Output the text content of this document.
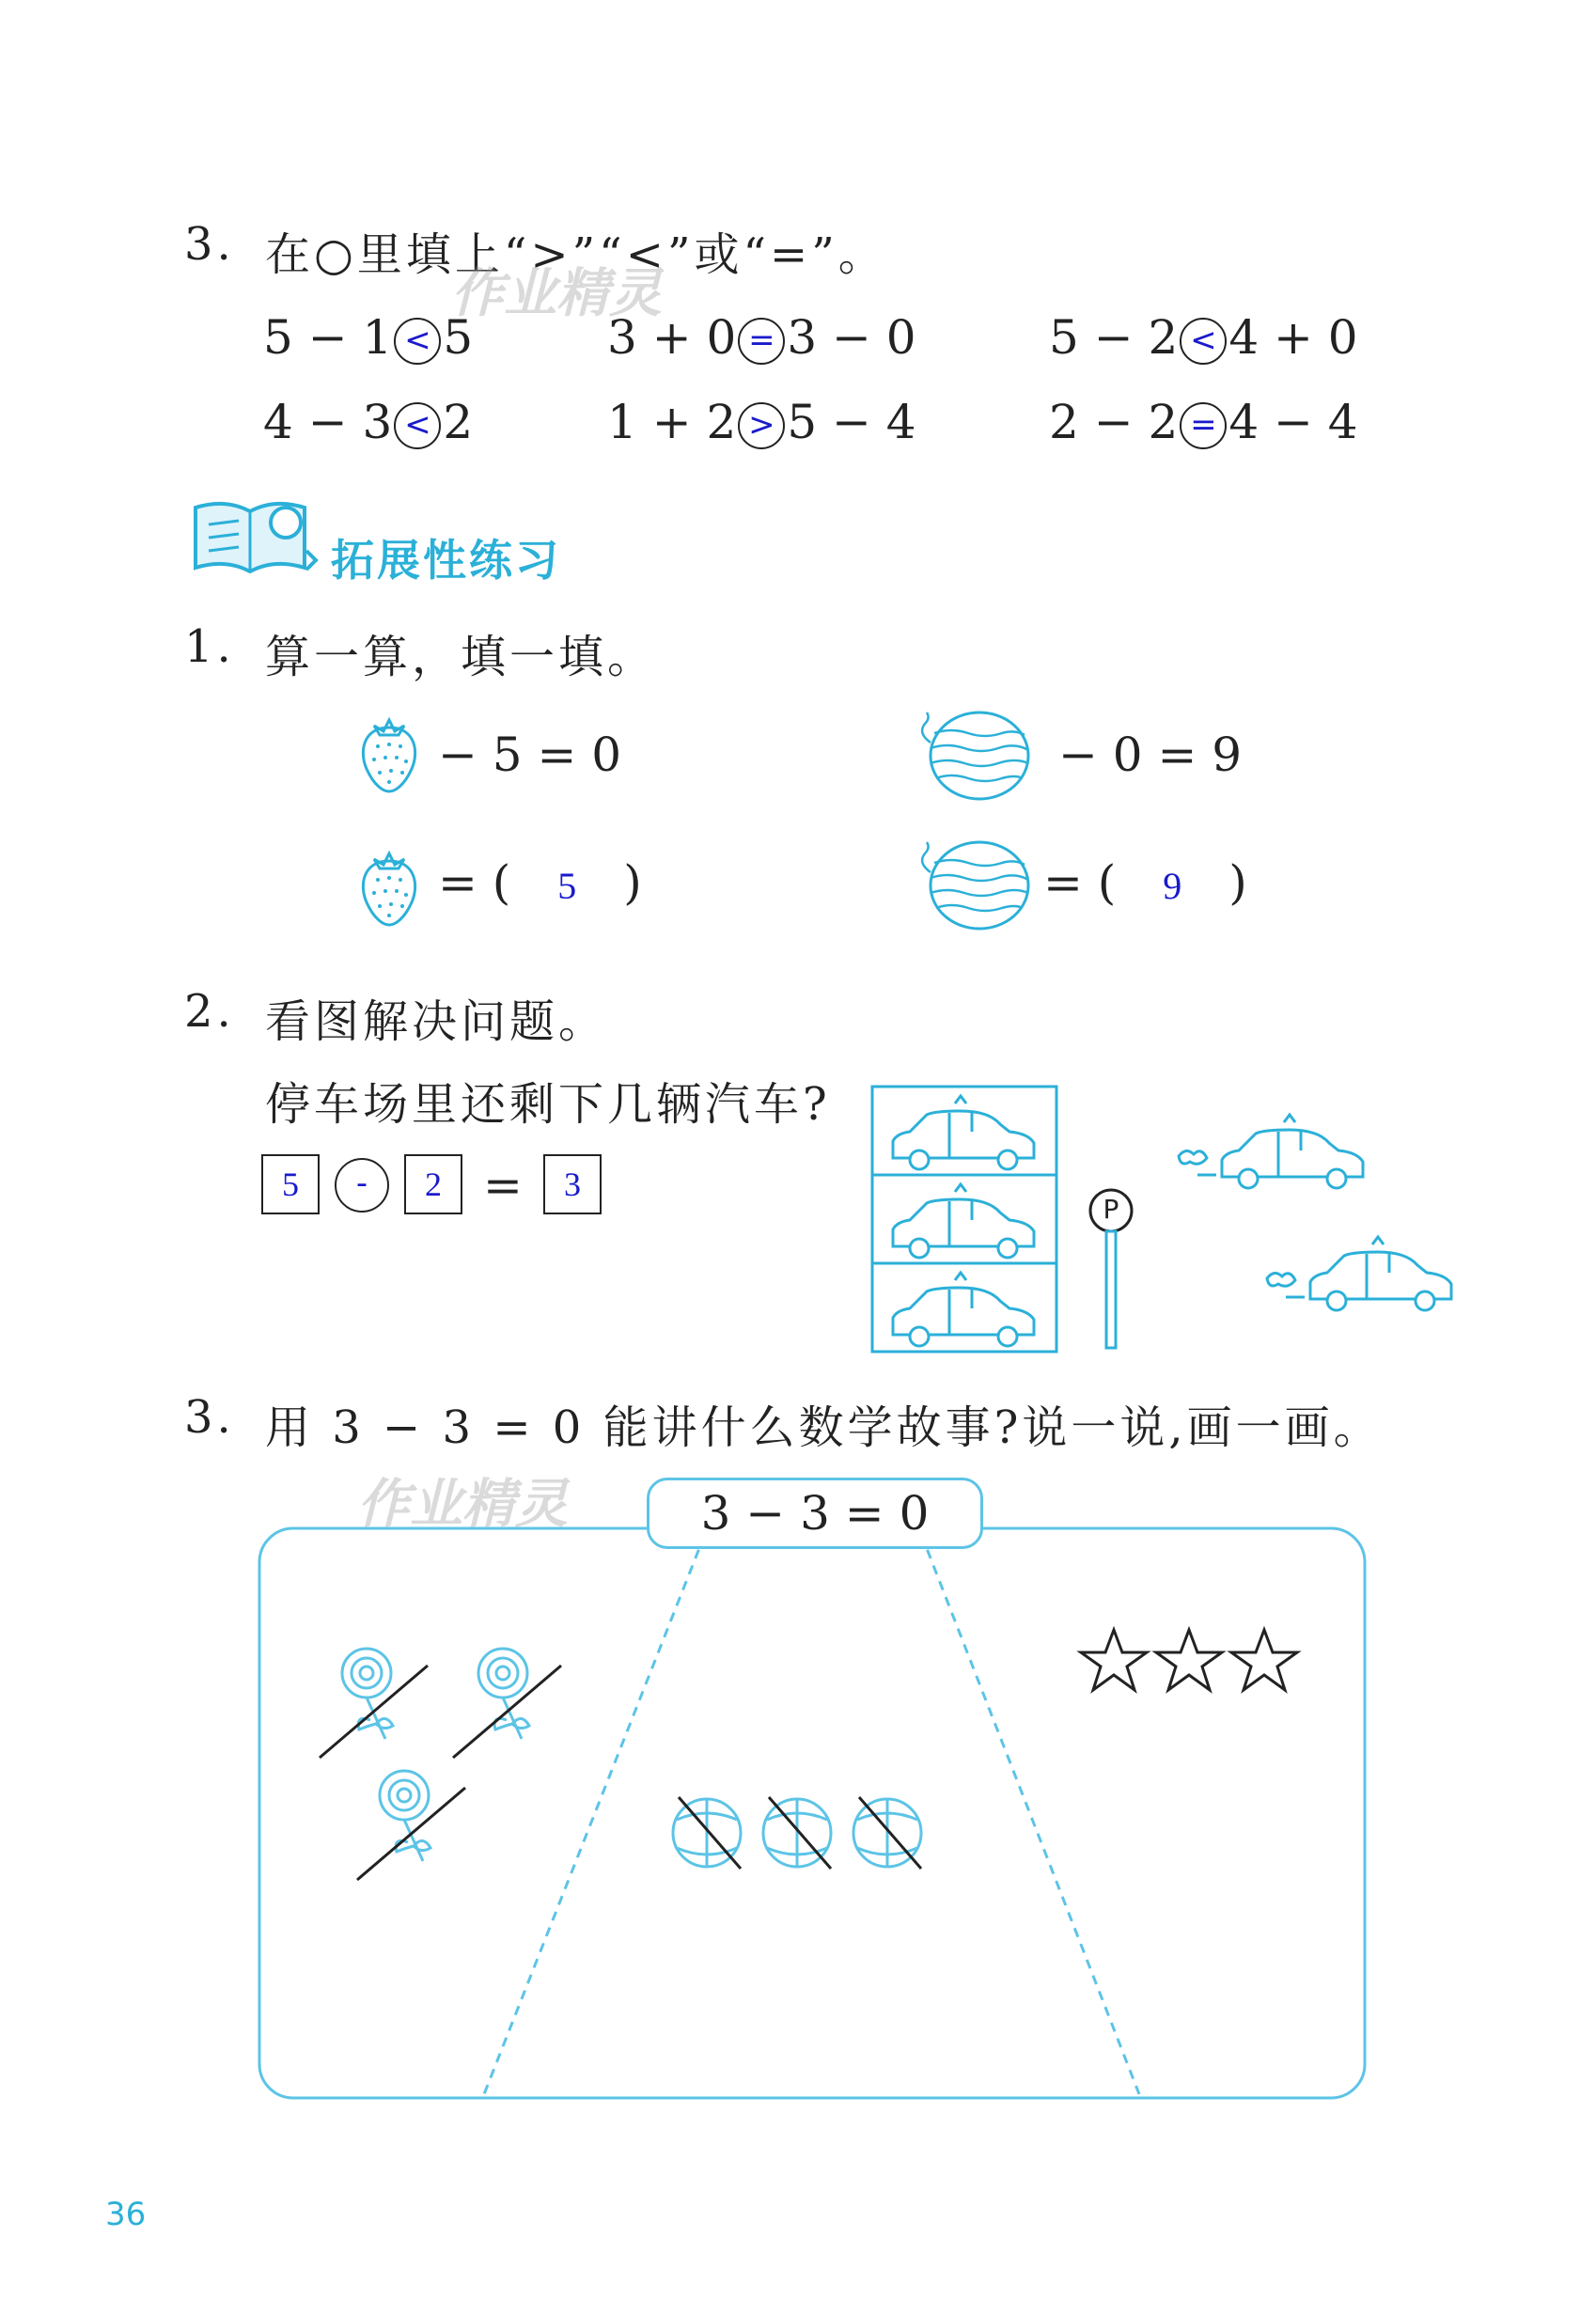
3. 在○里填上“>”“<”或“=”。
作业精灵
5 − 1 < 5	3 + 0 = 3 − 0	5 − 2 < 4 + 0
4 − 3 < 2	1 + 2 > 5 − 4	2 − 2 = 4 − 4
拓展性练习
1. 算一算，填一填。
− 5 = 0	− 0 = 9
= ( 5 )	= ( 9 )
2. 看图解决问题。
停车场里还剩下几辆汽车?
5	-	2 =	3
P
3. 用 3 − 3 = 0 能讲什么数学故事?说一说,画一画。
作业精灵	3 − 3 = 0
36
